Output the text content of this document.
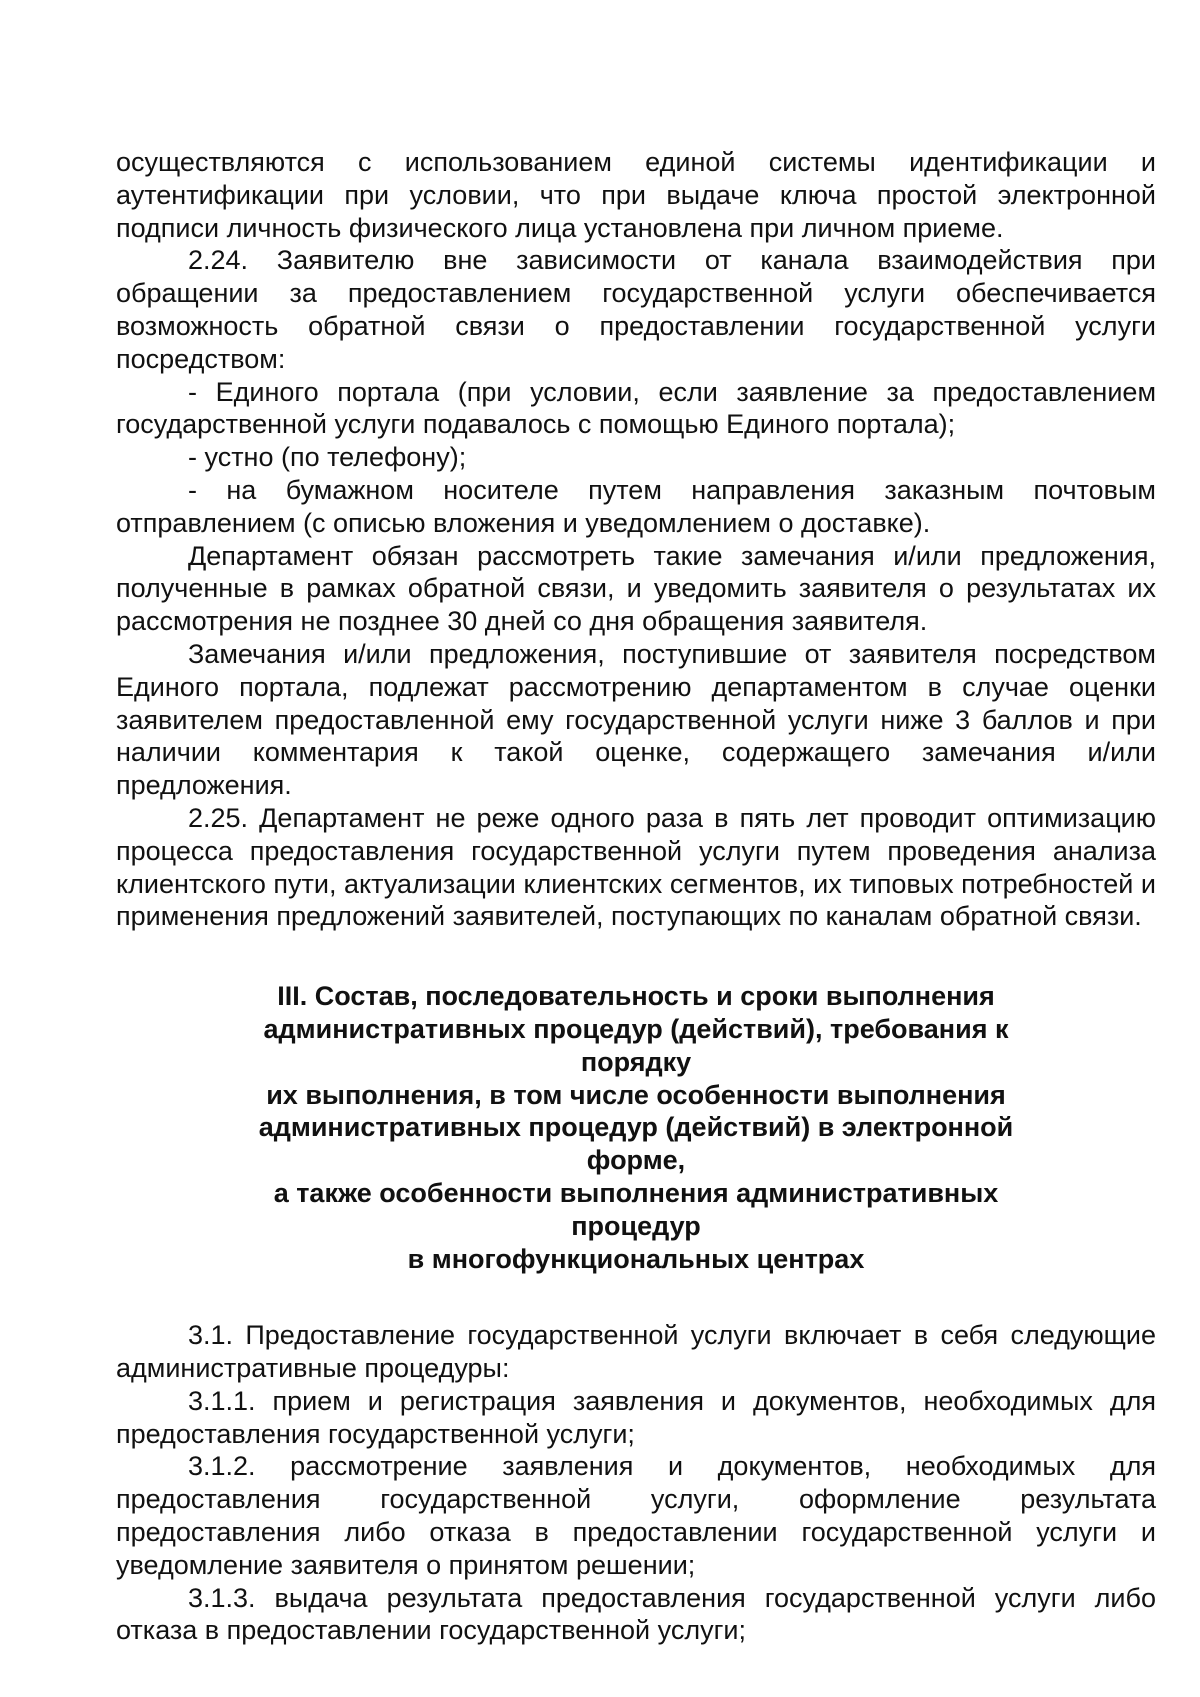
осуществляются с использованием единой системы идентификации и аутентификации при условии, что при выдаче ключа простой электронной подписи личность физического лица установлена при личном приеме.

2.24. Заявителю вне зависимости от канала взаимодействия при обращении за предоставлением государственной услуги обеспечивается возможность обратной связи о предоставлении государственной услуги посредством:

- Единого портала (при условии, если заявление за предоставлением государственной услуги подавалось с помощью Единого портала);

- устно (по телефону);

- на бумажном носителе путем направления заказным почтовым отправлением (с описью вложения и уведомлением о доставке).

Департамент обязан рассмотреть такие замечания и/или предложения, полученные в рамках обратной связи, и уведомить заявителя о результатах их рассмотрения не позднее 30 дней со дня обращения заявителя.

Замечания и/или предложения, поступившие от заявителя посредством Единого портала, подлежат рассмотрению департаментом в случае оценки заявителем предоставленной ему государственной услуги ниже 3 баллов и при наличии комментария к такой оценке, содержащего замечания и/или предложения.

2.25. Департамент не реже одного раза в пять лет проводит оптимизацию процесса предоставления государственной услуги путем проведения анализа клиентского пути, актуализации клиентских сегментов, их типовых потребностей и применения предложений заявителей, поступающих по каналам обратной связи.

III. Состав, последовательность и сроки выполнения
административных процедур (действий), требования к порядку
их выполнения, в том числе особенности выполнения
административных процедур (действий) в электронной форме,
а также особенности выполнения административных процедур
в многофункциональных центрах

3.1. Предоставление государственной услуги включает в себя следующие административные процедуры:

3.1.1. прием и регистрация заявления и документов, необходимых для предоставления государственной услуги;

3.1.2. рассмотрение заявления и документов, необходимых для предоставления государственной услуги, оформление результата предоставления либо отказа в предоставлении государственной услуги и уведомление заявителя о принятом решении;

3.1.3. выдача результата предоставления государственной услуги либо отказа в предоставлении государственной услуги;
